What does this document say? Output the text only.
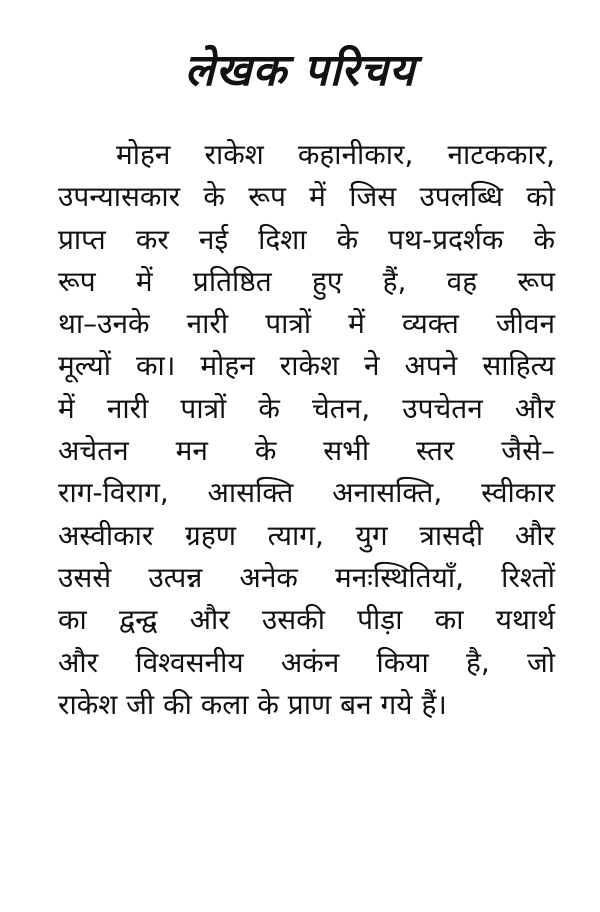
लेखक परिचय
मोहन राकेश कहानीकार, नाटककार,
उपन्यासकार के रूप में जिस उपलब्धि को
प्राप्त कर नई दिशा के पथ-प्रदर्शक के
रूप में प्रतिष्ठित हुए हैं, वह रूप
था–उनके नारी पात्रों में व्यक्त जीवन
मूल्यों का। मोहन राकेश ने अपने साहित्य
में नारी पात्रों के चेतन, उपचेतन और
अचेतन मन के सभी स्तर जैसे–
राग-विराग, आसक्ति अनासक्ति, स्वीकार
अस्वीकार ग्रहण त्याग, युग त्रासदी और
उससे उत्पन्न अनेक मनःस्थितियाँ, रिश्तों
का द्वन्द्व और उसकी पीड़ा का यथार्थ
और विश्वसनीय अकंन किया है, जो
राकेश जी की कला के प्राण बन गये हैं।
